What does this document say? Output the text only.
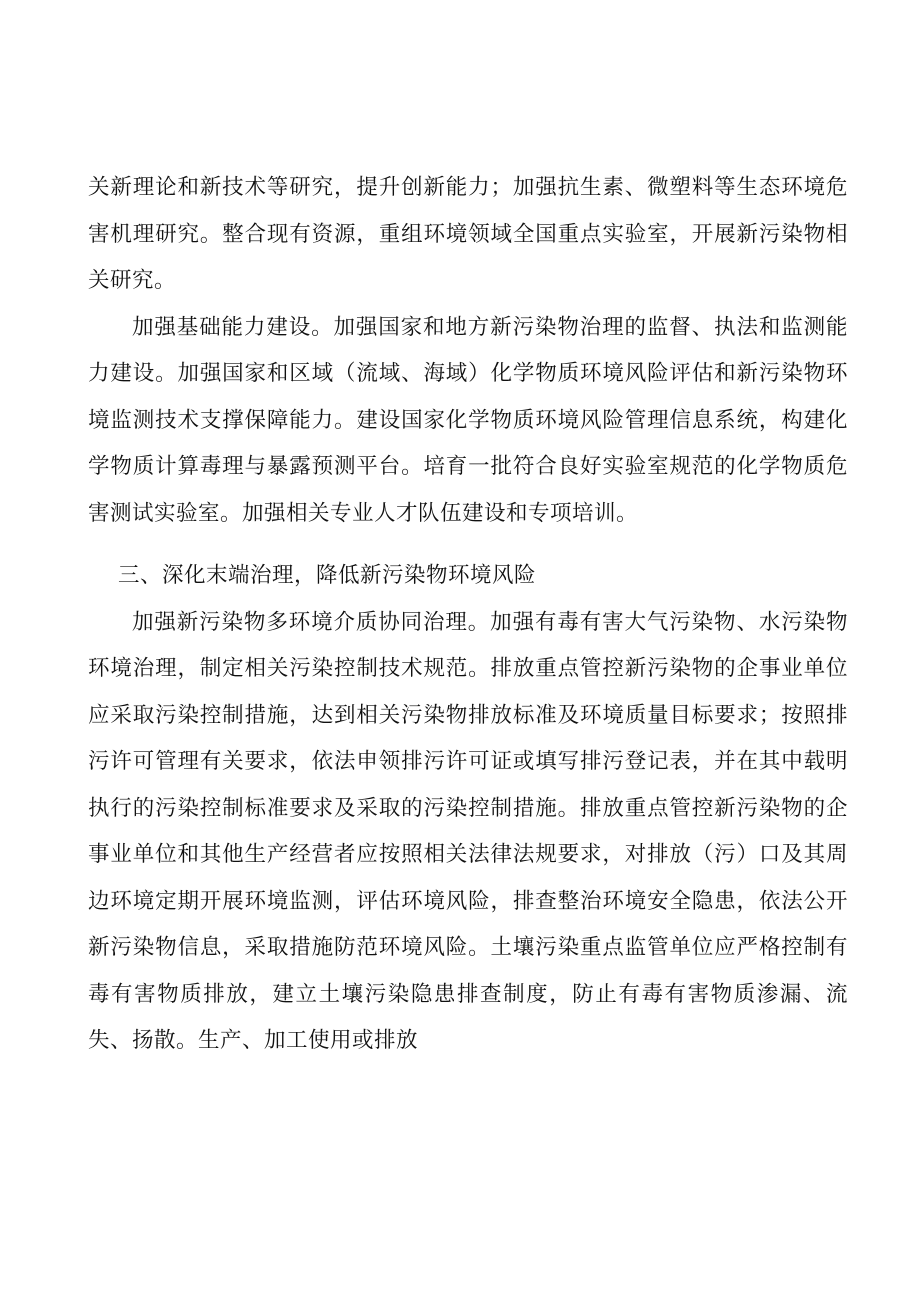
关新理论和新技术等研究，提升创新能力；加强抗生素、微塑料等生态环境危害机理研究。整合现有资源，重组环境领域全国重点实验室，开展新污染物相关研究。

加强基础能力建设。加强国家和地方新污染物治理的监督、执法和监测能力建设。加强国家和区域（流域、海域）化学物质环境风险评估和新污染物环境监测技术支撑保障能力。建设国家化学物质环境风险管理信息系统，构建化学物质计算毒理与暴露预测平台。培育一批符合良好实验室规范的化学物质危害测试实验室。加强相关专业人才队伍建设和专项培训。

三、深化末端治理，降低新污染物环境风险

加强新污染物多环境介质协同治理。加强有毒有害大气污染物、水污染物环境治理，制定相关污染控制技术规范。排放重点管控新污染物的企事业单位应采取污染控制措施，达到相关污染物排放标准及环境质量目标要求；按照排污许可管理有关要求，依法申领排污许可证或填写排污登记表，并在其中载明执行的污染控制标准要求及采取的污染控制措施。排放重点管控新污染物的企事业单位和其他生产经营者应按照相关法律法规要求，对排放（污）口及其周边环境定期开展环境监测，评估环境风险，排查整治环境安全隐患，依法公开新污染物信息，采取措施防范环境风险。土壤污染重点监管单位应严格控制有毒有害物质排放，建立土壤污染隐患排查制度，防止有毒有害物质渗漏、流失、扬散。生产、加工使用或排放
